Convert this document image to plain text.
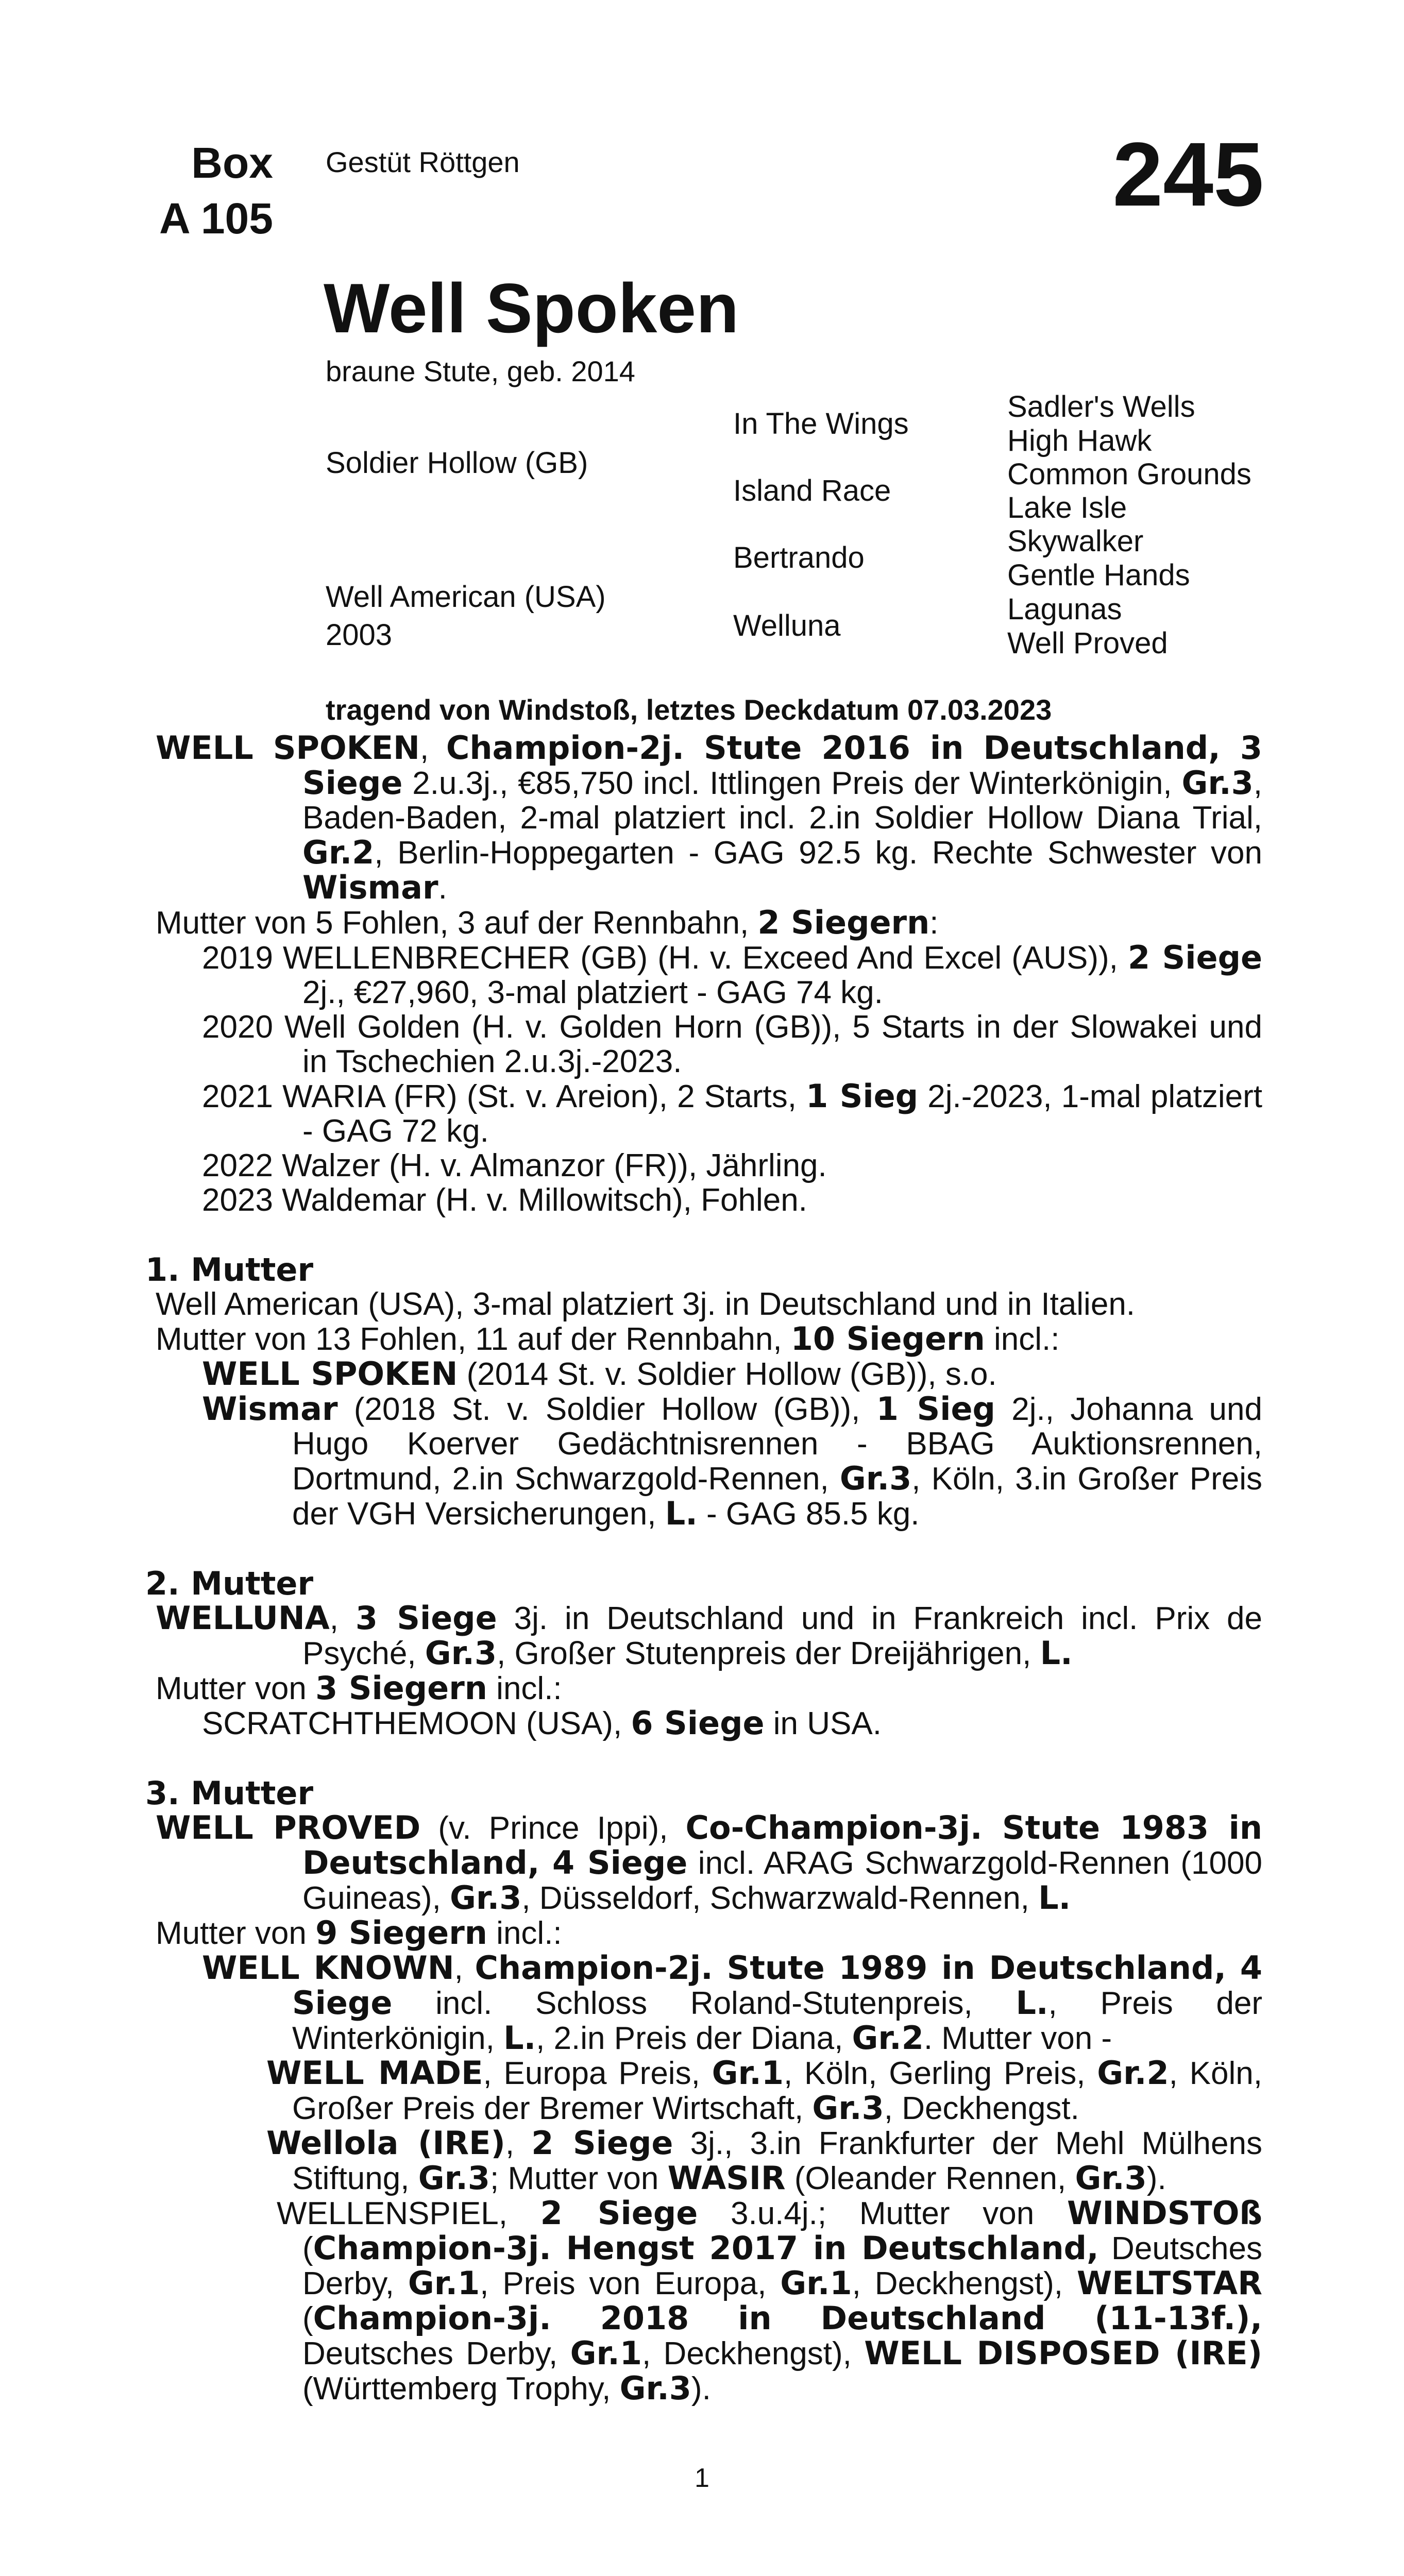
Box
A 105
Gestüt Röttgen	245
Well Spoken
braune Stute, geb. 2014
Soldier Hollow (GB)
Well American (USA)
2003
In The Wings
Island Race
Bertrando
Welluna
Sadler's Wells
High Hawk
Common Grounds
Lake Isle
Skywalker
Gentle Hands
Lagunas
Well Proved
tragend von Windstoß, letztes Deckdatum 07.03.2023

WELL SPOKEN, Champion-2j. Stute 2016 in Deutschland, 3 Siege 2.u.3j., €85,750 incl. Ittlingen Preis der Winterkönigin, Gr.3, Baden-Baden, 2-mal platziert incl. 2.in Soldier Hollow Diana Trial, Gr.2, Berlin-Hoppegarten - GAG 92.5 kg. Rechte Schwester von Wismar.

Mutter von 5 Fohlen, 3 auf der Rennbahn, 2 Siegern:

2019 WELLENBRECHER (GB) (H. v. Exceed And Excel (AUS)), 2 Siege 2j., €27,960, 3-mal platziert - GAG 74 kg.

2020 Well Golden (H. v. Golden Horn (GB)), 5 Starts in der Slowakei und in Tschechien 2.u.3j.-2023.

2021 WARIA (FR) (St. v. Areion), 2 Starts, 1 Sieg 2j.-2023, 1-mal platziert - GAG 72 kg.

2022 Walzer (H. v. Almanzor (FR)), Jährling.

2023 Waldemar (H. v. Millowitsch), Fohlen.

1. Mutter

Well American (USA), 3-mal platziert 3j. in Deutschland und in Italien.

Mutter von 13 Fohlen, 11 auf der Rennbahn, 10 Siegern incl.:

WELL SPOKEN (2014 St. v. Soldier Hollow (GB)), s.o.

Wismar (2018 St. v. Soldier Hollow (GB)), 1 Sieg 2j., Johanna und Hugo Koerver Gedächtnisrennen - BBAG Auktionsrennen, Dortmund, 2.in Schwarzgold-Rennen, Gr.3, Köln, 3.in Großer Preis der VGH Versicherungen, L. - GAG 85.5 kg.

2. Mutter

WELLUNA, 3 Siege 3j. in Deutschland und in Frankreich incl. Prix de Psyché, Gr.3, Großer Stutenpreis der Dreijährigen, L.

Mutter von 3 Siegern incl.:

SCRATCHTHEMOON (USA), 6 Siege in USA.

3. Mutter

WELL PROVED (v. Prince Ippi), Co-Champion-3j. Stute 1983 in Deutschland, 4 Siege incl. ARAG Schwarzgold-Rennen (1000 Guineas), Gr.3, Düsseldorf, Schwarzwald-Rennen, L.

Mutter von 9 Siegern incl.:

WELL KNOWN, Champion-2j. Stute 1989 in Deutschland, 4 Siege incl. Schloss Roland-Stutenpreis, L., Preis der Winterkönigin, L., 2.in Preis der Diana, Gr.2. Mutter von -

WELL MADE, Europa Preis, Gr.1, Köln, Gerling Preis, Gr.2, Köln, Großer Preis der Bremer Wirtschaft, Gr.3, Deckhengst.

Wellola (IRE), 2 Siege 3j., 3.in Frankfurter der Mehl Mülhens Stiftung, Gr.3; Mutter von WASIR (Oleander Rennen, Gr.3).

WELLENSPIEL, 2 Siege 3.u.4j.; Mutter von WINDSTOß (Champion-3j. Hengst 2017 in Deutschland, Deutsches Derby, Gr.1, Preis von Europa, Gr.1, Deckhengst), WELTSTAR (Champion-3j. 2018 in Deutschland (11-13f.), Deutsches Derby, Gr.1, Deckhengst), WELL DISPOSED (IRE) (Württemberg Trophy, Gr.3).

1
